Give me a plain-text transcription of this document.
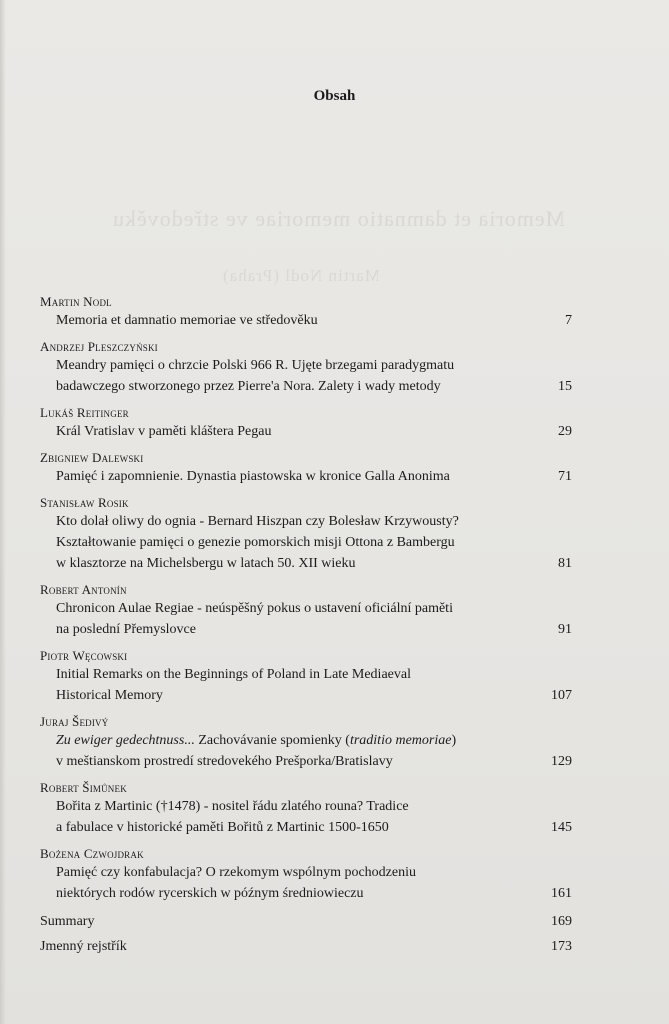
Memoria et damnatio memoriae ve středověku
Martin Nodl (Praha)
Obsah
Martin Nodl
Memoria et damnatio memoriae ve středověku	7
Andrzej Pleszczyński
Meandry pamięci o chrzcie Polski 966 R. Ujęte brzegami paradygmatu
badawczego stworzonego przez Pierre'a Nora. Zalety i wady metody	15
Lukáš Reitinger
Král Vratislav v paměti kláštera Pegau	29
Zbigniew Dalewski
Pamięć i zapomnienie. Dynastia piastowska w kronice Galla Anonima	71
Stanisław Rosik
Kto dolał oliwy do ognia - Bernard Hiszpan czy Bolesław Krzywousty?
Kształtowanie pamięci o genezie pomorskich misji Ottona z Bambergu
w klasztorze na Michelsbergu w latach 50. XII wieku	81
Robert Antonín
Chronicon Aulae Regiae - neúspěšný pokus o ustavení oficiální paměti
na poslední Přemyslovce	91
Piotr Węcowski
Initial Remarks on the Beginnings of Poland in Late Mediaeval
Historical Memory	107
Juraj Šedivý
Zu ewiger gedechtnuss... Zachovávanie spomienky (traditio memoriae)
v meštianskom prostredí stredovekého Prešporka/Bratislavy	129
Robert Šimůnek
Bořita z Martinic (†1478) - nositel řádu zlatého rouna? Tradice
a fabulace v historické paměti Bořitů z Martinic 1500-1650	145
Bożena Czwojdrak
Pamięć czy konfabulacja? O rzekomym wspólnym pochodzeniu
niektórych rodów rycerskich w późnym średniowieczu	161
Summary	169
Jmenný rejstřík	173
